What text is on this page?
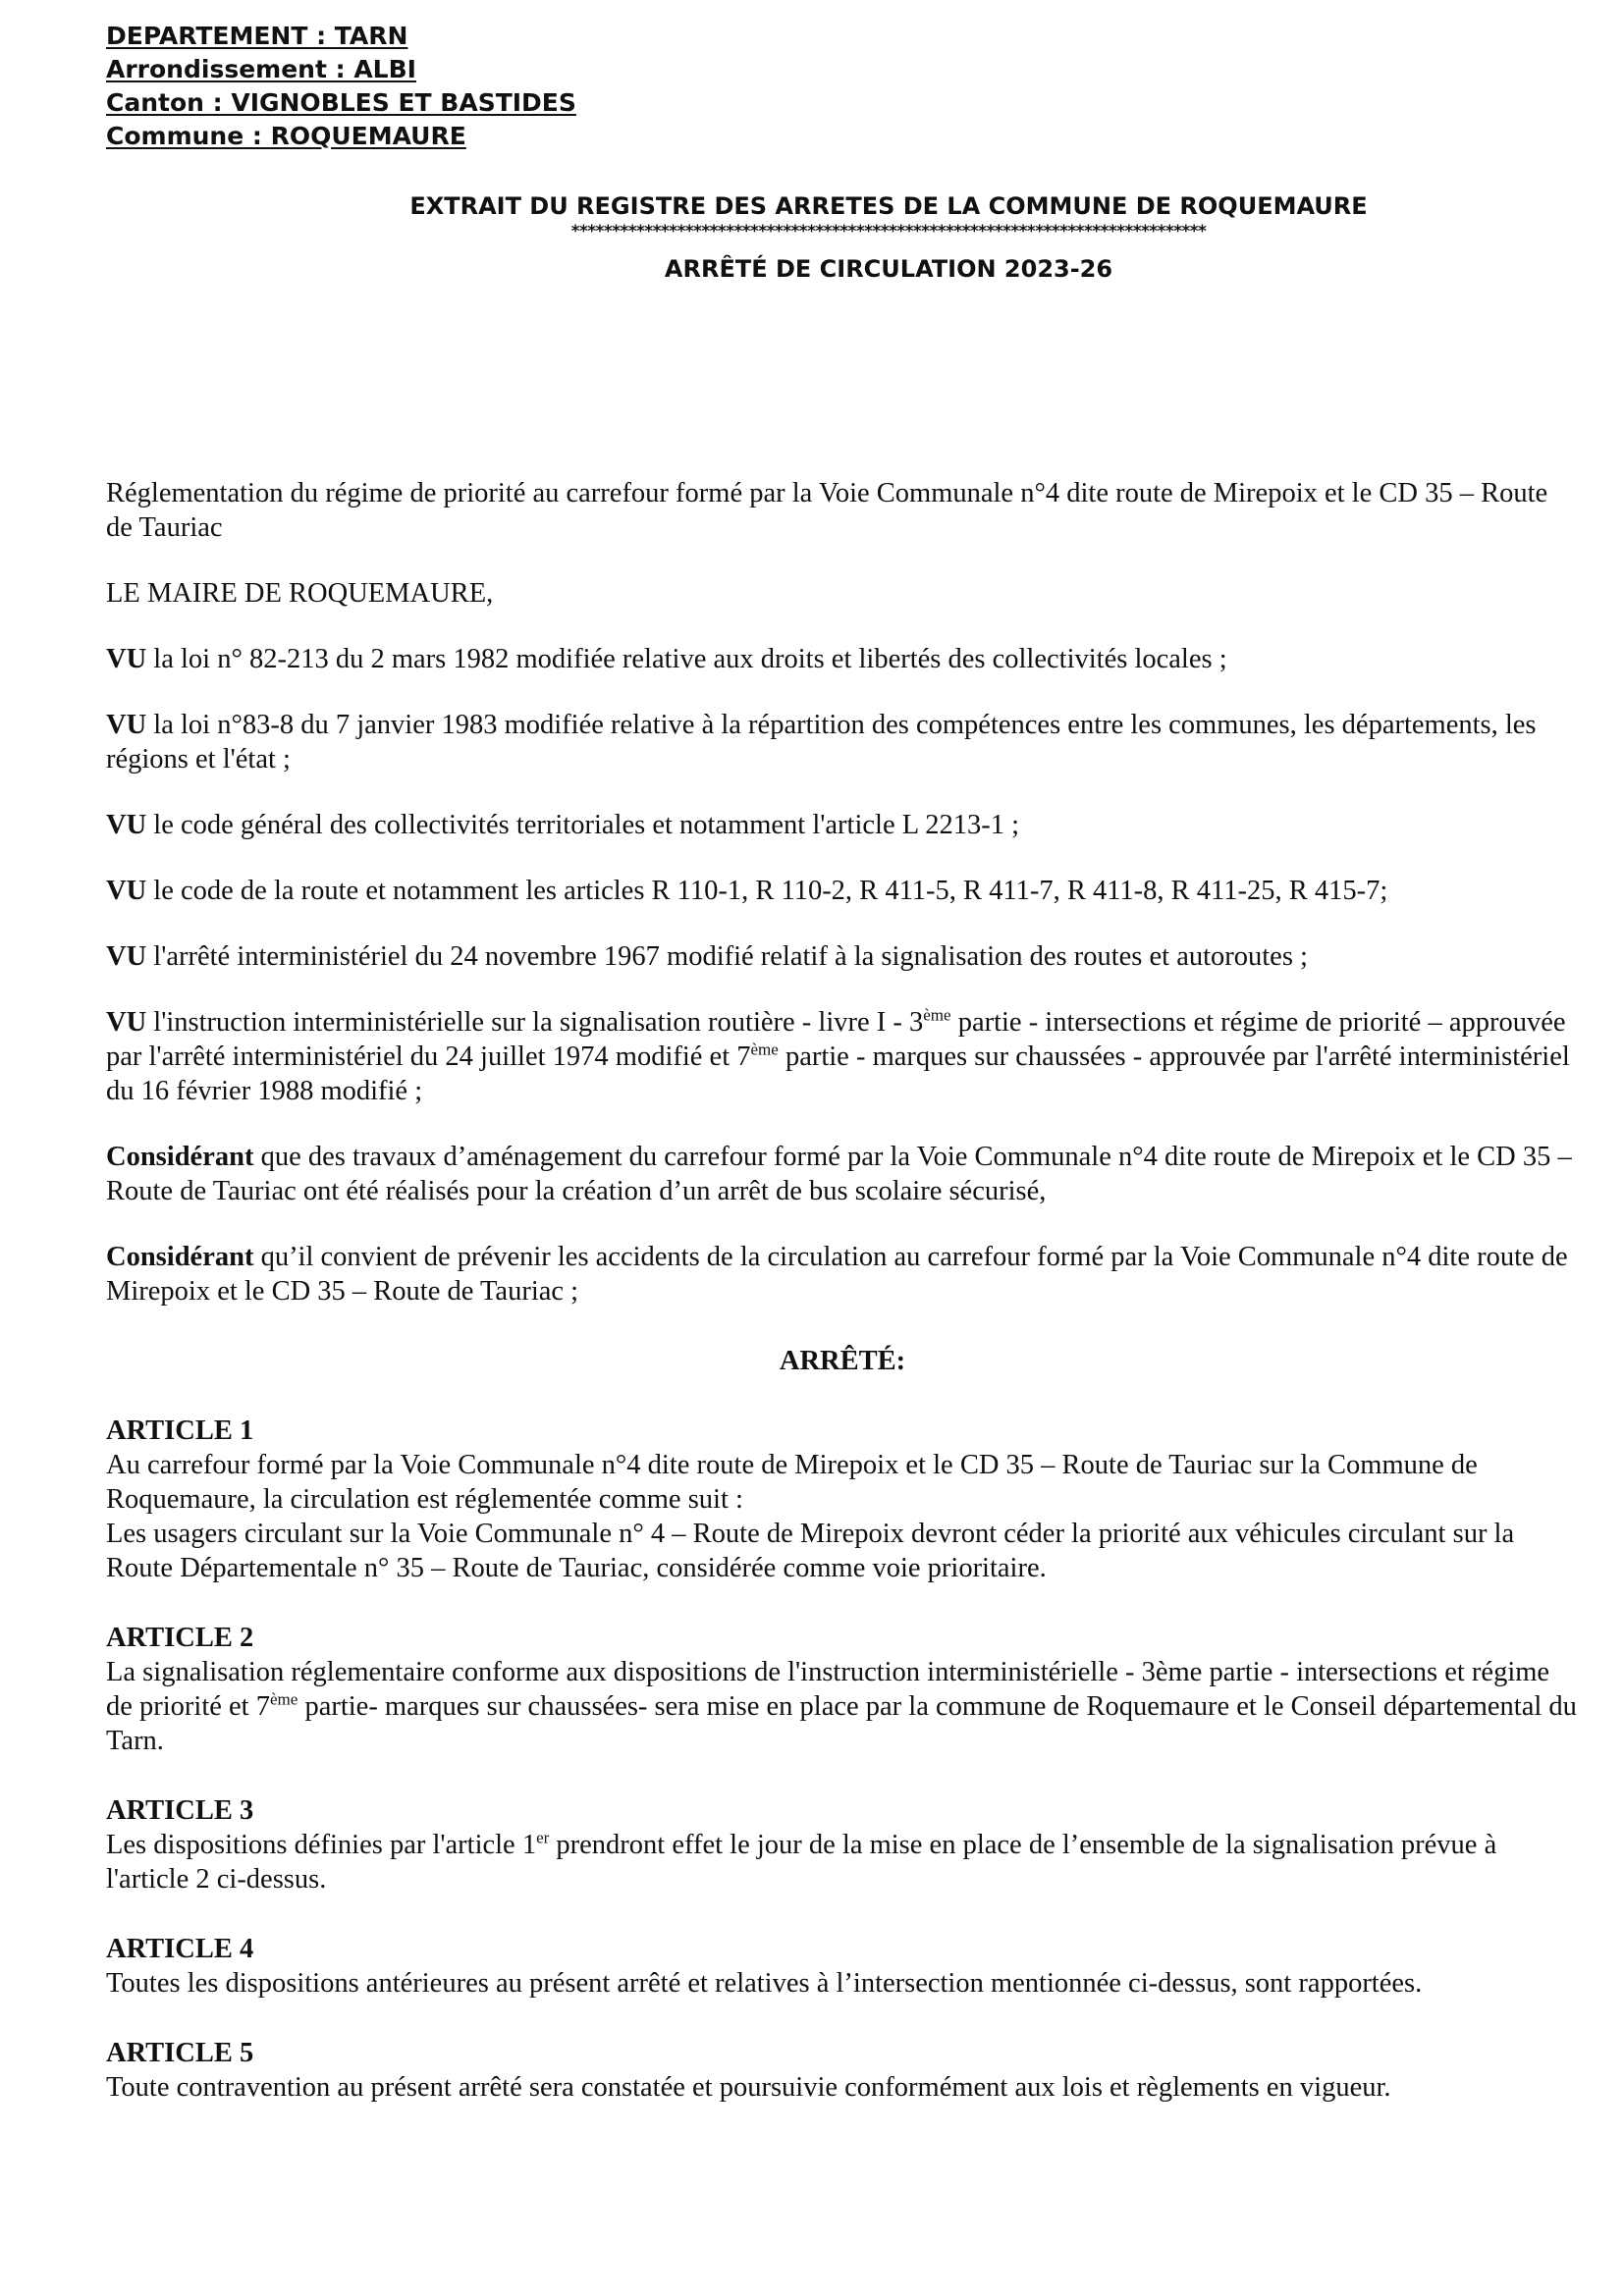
DEPARTEMENT : TARN
Arrondissement : ALBI
Canton : VIGNOBLES ET BASTIDES
Commune : ROQUEMAURE
EXTRAIT DU REGISTRE DES ARRETES DE LA COMMUNE DE ROQUEMAURE
******************************************************************************
ARRÊTÉ DE CIRCULATION 2023-26

Réglementation du régime de priorité au carrefour formé par la Voie Communale n°4 dite route de Mirepoix et le CD 35 – Route de Tauriac

LE MAIRE DE ROQUEMAURE,

VU la loi n° 82-213 du 2 mars 1982 modifiée relative aux droits et libertés des collectivités locales ;

VU la loi n°83-8 du 7 janvier 1983 modifiée relative à la répartition des compétences entre les communes, les départements, les régions et l'état ;

VU le code général des collectivités territoriales et notamment l'article L 2213-1 ;

VU le code de la route et notamment les articles R 110-1, R 110-2, R 411-5, R 411-7, R 411-8, R 411-25, R 415-7;

VU l'arrêté interministériel du 24 novembre 1967 modifié relatif à la signalisation des routes et autoroutes ;

VU l'instruction interministérielle sur la signalisation routière - livre I - 3ème partie - intersections et régime de priorité – approuvée par l'arrêté interministériel du 24 juillet 1974 modifié et 7ème partie - marques sur chaussées - approuvée par l'arrêté interministériel du 16 février 1988 modifié ;

Considérant que des travaux d’aménagement du carrefour formé par la Voie Communale n°4 dite route de Mirepoix et le CD 35 – Route de Tauriac ont été réalisés pour la création d’un arrêt de bus scolaire sécurisé,

Considérant qu’il convient de prévenir les accidents de la circulation au carrefour formé par la Voie Communale n°4 dite route de Mirepoix et le CD 35 – Route de Tauriac ;

ARRÊTÉ:

ARTICLE 1

Au carrefour formé par la Voie Communale n°4 dite route de Mirepoix et le CD 35 – Route de Tauriac sur la Commune de Roquemaure, la circulation est réglementée comme suit :

Les usagers circulant sur la Voie Communale n° 4 – Route de Mirepoix devront céder la priorité aux véhicules circulant sur la Route Départementale n° 35 – Route de Tauriac, considérée comme voie prioritaire.

ARTICLE 2

La signalisation réglementaire conforme aux dispositions de l'instruction interministérielle - 3ème partie - intersections et régime de priorité et 7ème partie- marques sur chaussées- sera mise en place par la commune de Roquemaure et le Conseil départemental du Tarn.

ARTICLE 3

Les dispositions définies par l'article 1er prendront effet le jour de la mise en place de l’ensemble de la signalisation prévue à l'article 2 ci-dessus.

ARTICLE 4

Toutes les dispositions antérieures au présent arrêté et relatives à l’intersection mentionnée ci-dessus, sont rapportées.

ARTICLE 5

Toute contravention au présent arrêté sera constatée et poursuivie conformément aux lois et règlements en vigueur.
